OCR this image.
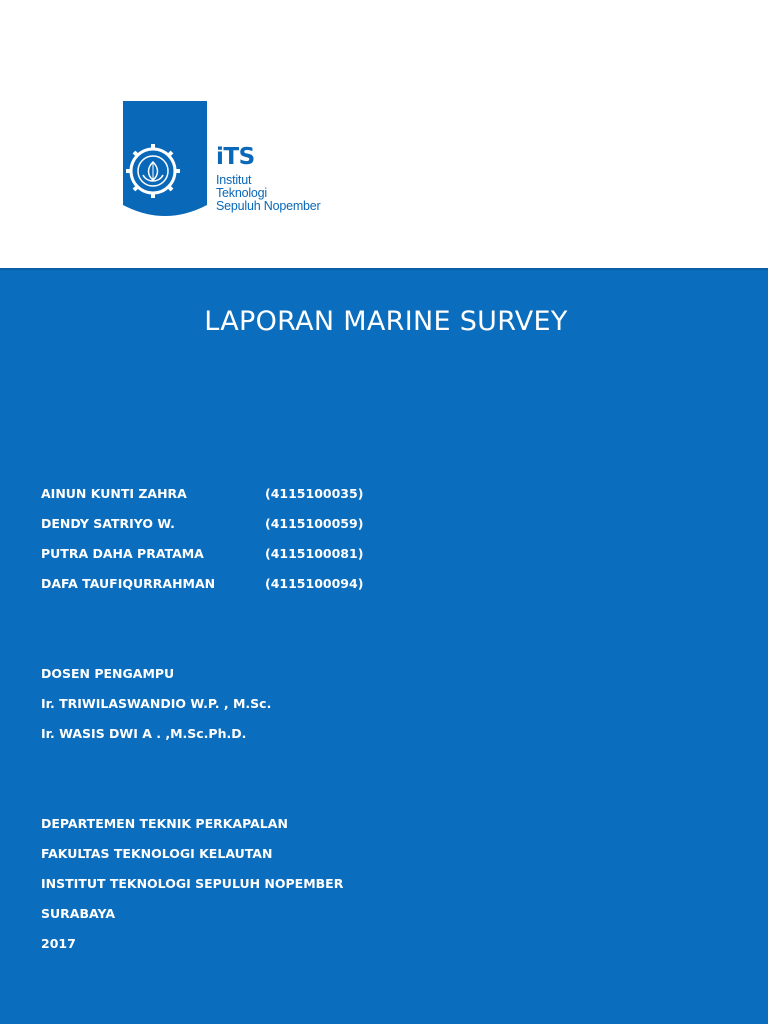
iTS
Institut
Teknologi
Sepuluh Nopember
LAPORAN MARINE SURVEY
AINUN KUNTI ZAHRA	(4115100035)
DENDY SATRIYO W.	(4115100059)
PUTRA DAHA PRATAMA	(4115100081)
DAFA TAUFIQURRAHMAN	(4115100094)
DOSEN PENGAMPU
Ir. TRIWILASWANDIO W.P. , M.Sc.
Ir. WASIS DWI A . ,M.Sc.Ph.D.
DEPARTEMEN TEKNIK PERKAPALAN
FAKULTAS TEKNOLOGI KELAUTAN
INSTITUT TEKNOLOGI SEPULUH NOPEMBER
SURABAYA
2017
